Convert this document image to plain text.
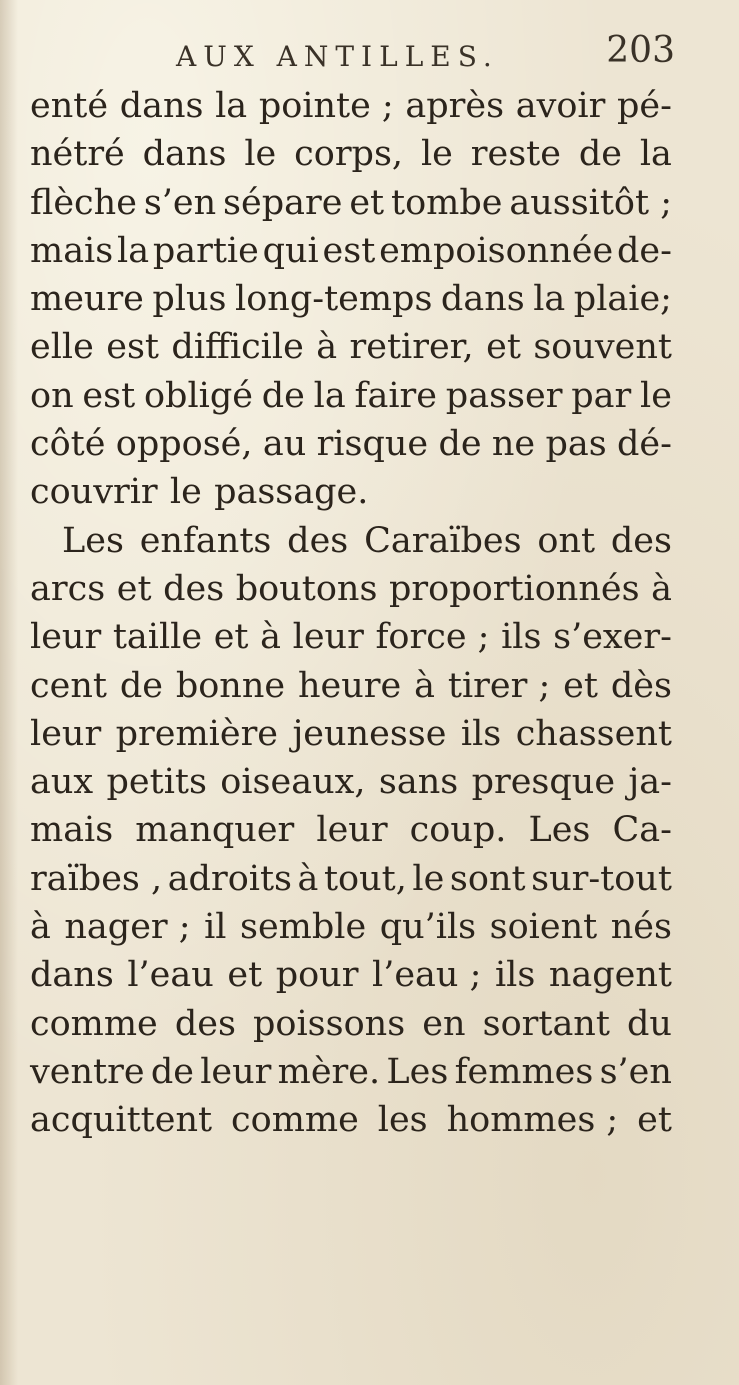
AUX ANTILLES.	203
enté dans la pointe ; après avoir pé-
nétré dans le corps, le reste de la
flèche s’en sépare et tombe aussitôt ;
mais la partie qui est empoisonnée de-
meure plus long-temps dans la plaie;
elle est difficile à retirer, et souvent
on est obligé de la faire passer par le
côté opposé, au risque de ne pas dé-
couvrir le passage.
Les enfants des Caraïbes ont des
arcs et des boutons proportionnés à
leur taille et à leur force ; ils s’exer-
cent de bonne heure à tirer ; et dès
leur première jeunesse ils chassent
aux petits oiseaux, sans presque ja-
mais manquer leur coup. Les Ca-
raïbes , adroits à tout, le sont sur-tout
à nager ; il semble qu’ils soient nés
dans l’eau et pour l’eau ; ils nagent
comme des poissons en sortant du
ventre de leur mère. Les femmes s’en
acquittent comme les hommes ; et
